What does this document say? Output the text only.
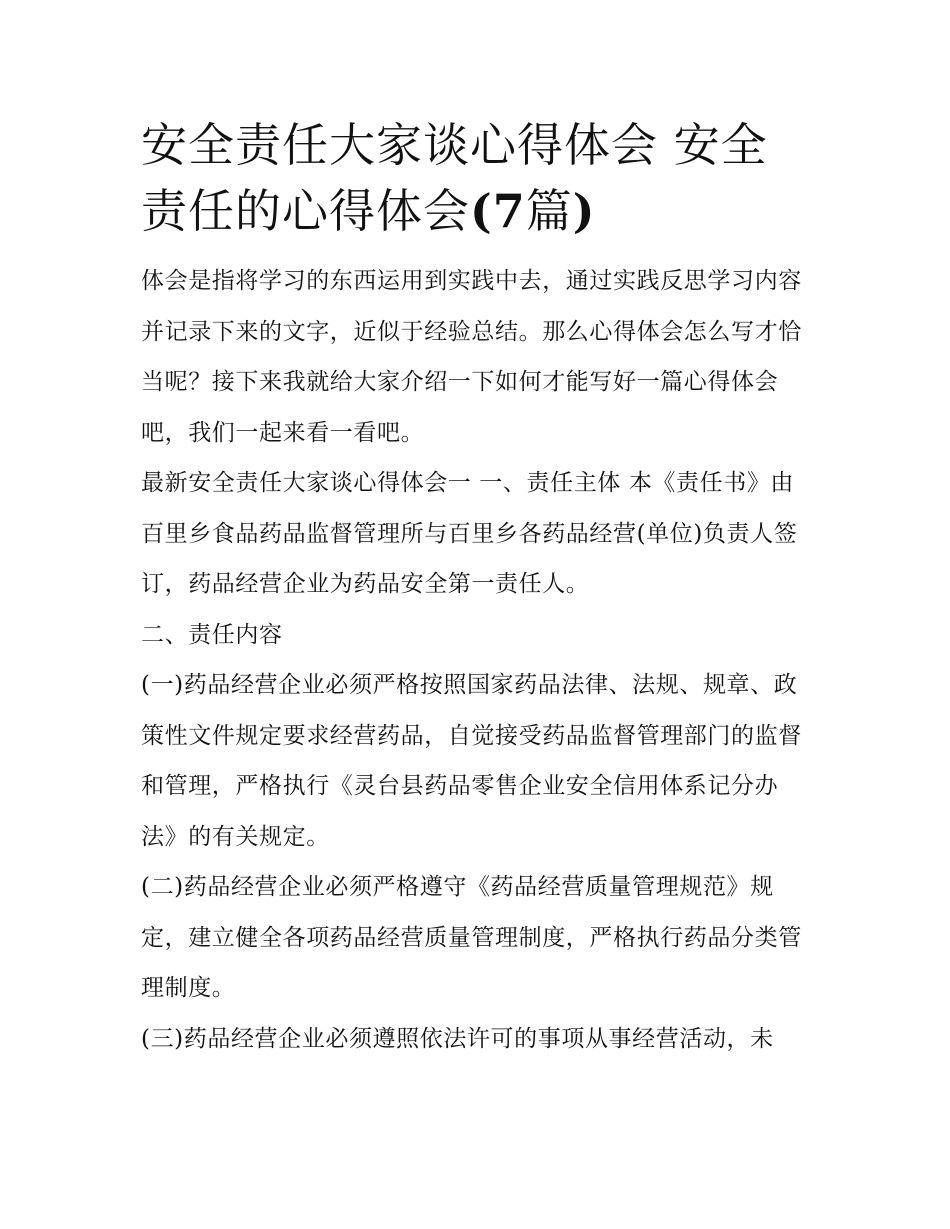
安全责任大家谈心得体会 安全责任的心得体会(7篇)

体会是指将学习的东西运用到实践中去，通过实践反思学习内容并记录下来的文字，近似于经验总结。那么心得体会怎么写才恰当呢？接下来我就给大家介绍一下如何才能写好一篇心得体会吧，我们一起来看一看吧。

最新安全责任大家谈心得体会一 一、责任主体 本《责任书》由百里乡食品药品监督管理所与百里乡各药品经营(单位)负责人签订，药品经营企业为药品安全第一责任人。

二、责任内容

(一)药品经营企业必须严格按照国家药品法律、法规、规章、政策性文件规定要求经营药品，自觉接受药品监督管理部门的监督和管理，严格执行《灵台县药品零售企业安全信用体系记分办法》的有关规定。

(二)药品经营企业必须严格遵守《药品经营质量管理规范》规定，建立健全各项药品经营质量管理制度，严格执行药品分类管理制度。

(三)药品经营企业必须遵照依法许可的事项从事经营活动，未
